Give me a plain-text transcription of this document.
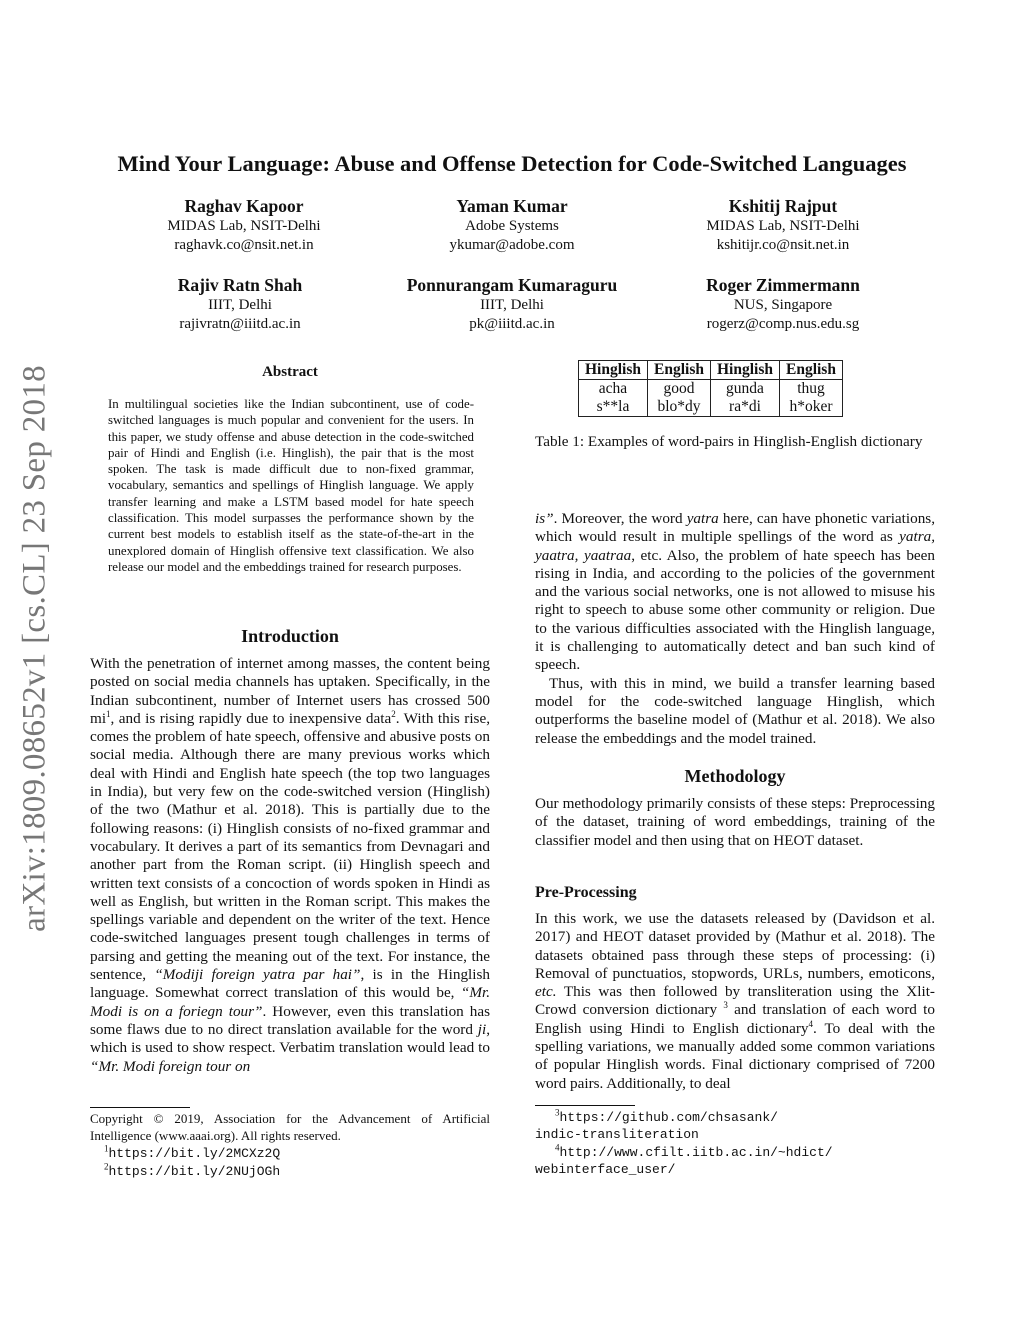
arXiv:1809.08652v1 [cs.CL] 23 Sep 2018
Mind Your Language: Abuse and Offense Detection for Code-Switched Languages
Raghav Kapoor
MIDAS Lab, NSIT-Delhi
raghavk.co@nsit.net.in
Yaman Kumar
Adobe Systems
ykumar@adobe.com
Kshitij Rajput
MIDAS Lab, NSIT-Delhi
kshitijr.co@nsit.net.in
Rajiv Ratn Shah
IIIT, Delhi
rajivratn@iiitd.ac.in
Ponnurangam Kumaraguru
IIIT, Delhi
pk@iiitd.ac.in
Roger Zimmermann
NUS, Singapore
rogerz@comp.nus.edu.sg
Abstract
In multilingual societies like the Indian subcontinent, use of code-switched languages is much popular and convenient for the users. In this paper, we study offense and abuse detection in the code-switched pair of Hindi and English (i.e. Hinglish), the pair that is the most spoken. The task is made difficult due to non-fixed grammar, vocabulary, semantics and spellings of Hinglish language. We apply transfer learning and make a LSTM based model for hate speech classification. This model surpasses the performance shown by the current best models to establish itself as the state-of-the-art in the unexplored domain of Hinglish offensive text classification. We also release our model and the embeddings trained for research purposes.
Introduction

With the penetration of internet among masses, the content being posted on social media channels has uptaken. Specifically, in the Indian subcontinent, number of Internet users has crossed 500 $mi^1$, and is rising rapidly due to inexpensive data$^2$. With this rise, comes the problem of hate speech, offensive and abusive posts on social media. Although there are many previous works which deal with Hindi and English hate speech (the top two languages in India), but very few on the code-switched version (Hinglish) of the two (Mathur et al. 2018). This is partially due to the following reasons: (i) Hinglish consists of no-fixed grammar and vocabulary. It derives a part of its semantics from Devnagari and another part from the Roman script. (ii) Hinglish speech and written text consists of a concoction of words spoken in Hindi as well as English, but written in the Roman script. This makes the spellings variable and dependent on the writer of the text. Hence code-switched languages present tough challenges in terms of parsing and getting the meaning out of the text. For instance, the sentence, “Modiji foreign yatra par hai”, is in the Hinglish language. Somewhat correct translation of this would be, “Mr. Modi is on a foriegn tour”. However, even this translation has some flaws due to no direct translation available for the word ji, which is used to show respect. Verbatim translation would lead to “Mr. Modi foreign tour on

Copyright © 2019, Association for the Advancement of Artificial Intelligence (www.aaai.org). All rights reserved.
$^1$https://bit.ly/2MCXz2Q
$^2$https://bit.ly/2NUjOGh
Hinglish	English	Hinglish	English
acha	good	gunda	thug
s**la	blo*dy	ra*di	h*oker
Table 1: Examples of word-pairs in Hinglish-English dictionary

is”. Moreover, the word yatra here, can have phonetic variations, which would result in multiple spellings of the word as yatra, yaatra, yaatraa, etc. Also, the problem of hate speech has been rising in India, and according to the policies of the government and the various social networks, one is not allowed to misuse his right to speech to abuse some other community or religion. Due to the various difficulties associated with the Hinglish language, it is challenging to automatically detect and ban such kind of speech.

Thus, with this in mind, we build a transfer learning based model for the code-switched language Hinglish, which outperforms the baseline model of (Mathur et al. 2018). We also release the embeddings and the model trained.

Methodology

Our methodology primarily consists of these steps: Preprocessing of the dataset, training of word embeddings, training of the classifier model and then using that on HEOT dataset.

Pre-Processing

In this work, we use the datasets released by (Davidson et al. 2017) and HEOT dataset provided by (Mathur et al. 2018). The datasets obtained pass through these steps of processing: (i) Removal of punctuatios, stopwords, URLs, numbers, emoticons, etc. This was then followed by transliteration using the Xlit-Crowd conversion dictionary $^3$ and translation of each word to English using Hindi to English dictionary$^4$. To deal with the spelling variations, we manually added some common variations of popular Hinglish words. Final dictionary comprised of 7200 word pairs. Additionally, to deal

$^3$https://github.com/chsasank/
indic-transliteration
$^4$http://www.cfilt.iitb.ac.in/~hdict/
webinterface_user/
